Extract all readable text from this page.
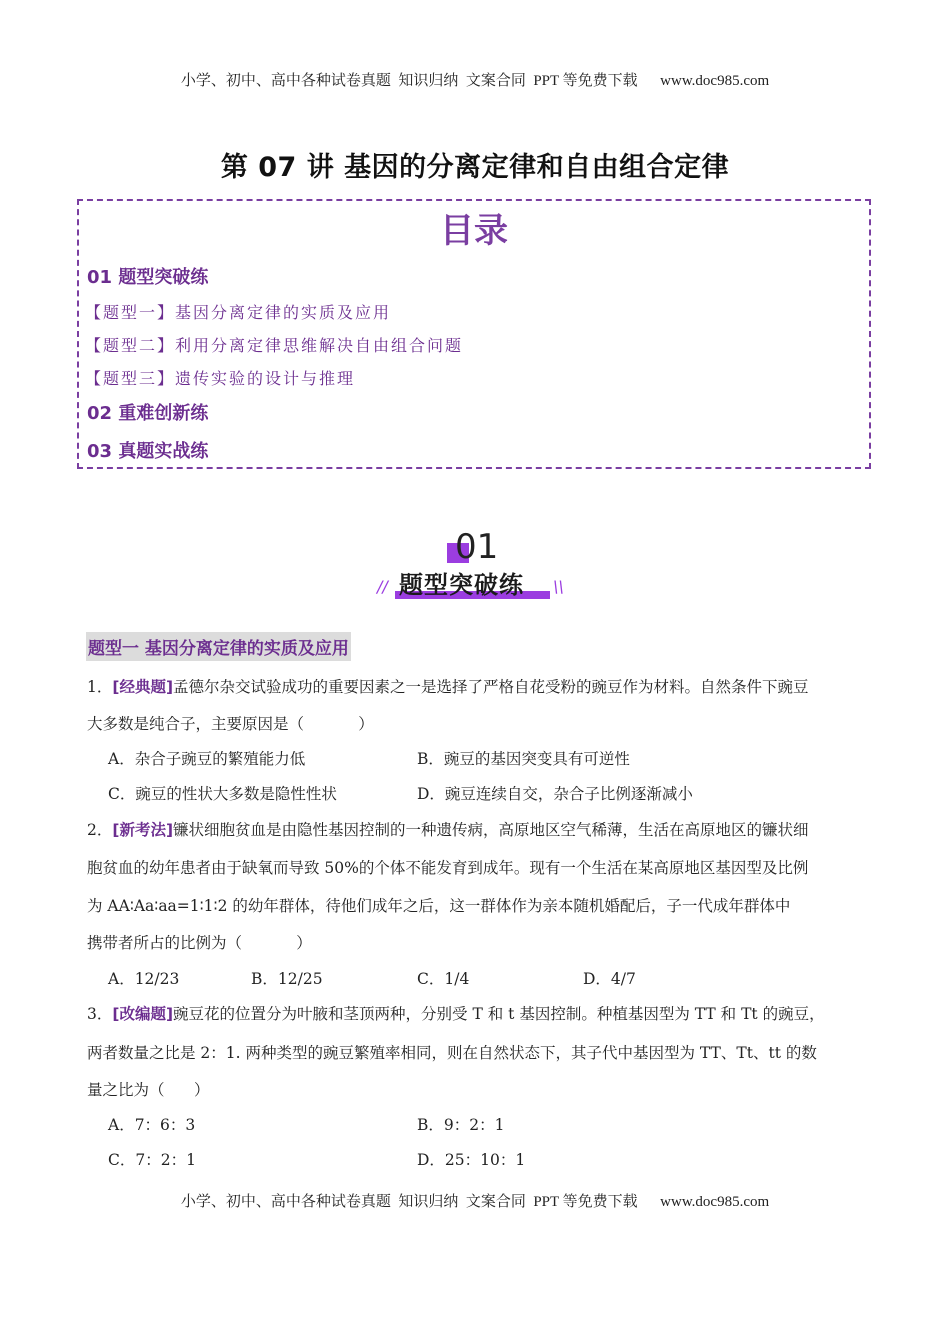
小学、初中、高中各种试卷真题  知识归纳  文案合同  PPT 等免费下载      www.doc985.com
第 07 讲 基因的分离定律和自由组合定律
目录
01 题型突破练
【题型一】基因分离定律的实质及应用
【题型二】利用分离定律思维解决自由组合问题
【题型三】遗传实验的设计与推理
02 重难创新练
03 真题实战练
01
题型突破练
//	\\
题型一 基因分离定律的实质及应用
1．[经典题]孟德尔杂交试验成功的重要因素之一是选择了严格自花受粉的豌豆作为材料。自然条件下豌豆
大多数是纯合子，主要原因是（           ）
A．杂合子豌豆的繁殖能力低	B．豌豆的基因突变具有可逆性
C．豌豆的性状大多数是隐性性状	D．豌豆连续自交，杂合子比例逐渐减小
2．[新考法]镰状细胞贫血是由隐性基因控制的一种遗传病，高原地区空气稀薄，生活在高原地区的镰状细
胞贫血的幼年患者由于缺氧而导致 50%的个体不能发育到成年。现有一个生活在某高原地区基因型及比例
为 AA∶Aa∶aa=1∶1∶2 的幼年群体，待他们成年之后，这一群体作为亲本随机婚配后，子一代成年群体中
携带者所占的比例为（           ）
A．12/23	B．12/25	C．1/4	D．4/7
3．[改编题]豌豆花的位置分为叶腋和茎顶两种，分别受 T 和 t 基因控制。种植基因型为 TT 和 Tt 的豌豆，
两者数量之比是 2：1. 两种类型的豌豆繁殖率相同，则在自然状态下，其子代中基因型为 TT、Tt、tt 的数
量之比为（      ）
A．7：6：3	B．9：2：1
C．7：2：1	D．25：10：1
小学、初中、高中各种试卷真题  知识归纳  文案合同  PPT 等免费下载      www.doc985.com
